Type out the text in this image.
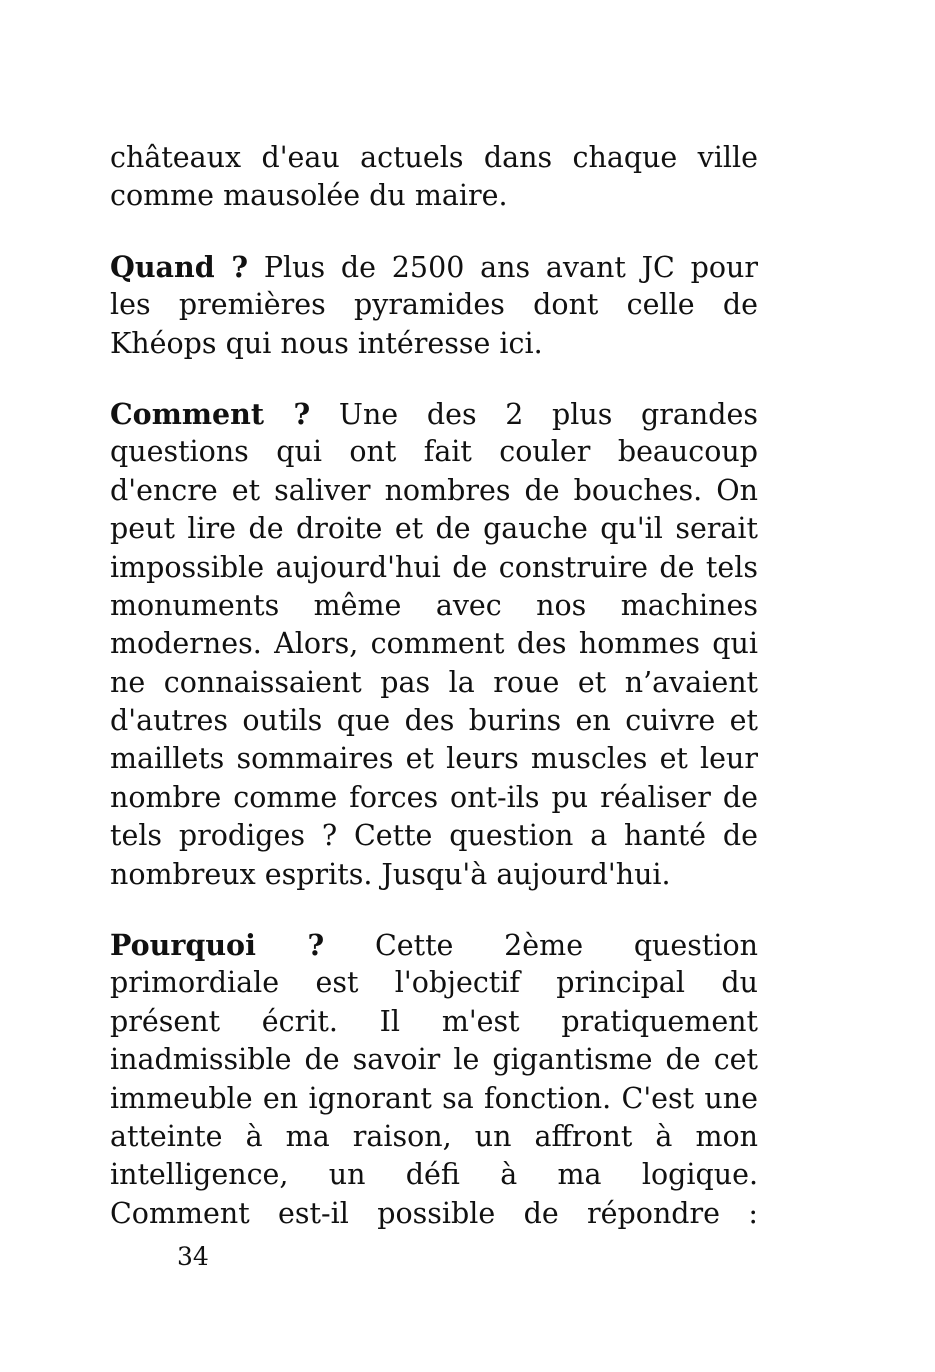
châteaux d'eau actuels dans chaque ville
comme mausolée du maire.
Quand ? Plus de 2500 ans avant JC pour
les premières pyramides dont celle de
Khéops qui nous intéresse ici.
Comment ? Une des 2 plus grandes
questions qui ont fait couler beaucoup
d'encre et saliver nombres de bouches. On
peut lire de droite et de gauche qu'il serait
impossible aujourd'hui de construire de tels
monuments même avec nos machines
modernes. Alors, comment des hommes qui
ne connaissaient pas la roue et n’avaient
d'autres outils que des burins en cuivre et
maillets sommaires et leurs muscles et leur
nombre comme forces ont-ils pu réaliser de
tels prodiges ? Cette question a hanté de
nombreux esprits. Jusqu'à aujourd'hui.
Pourquoi ? Cette 2ème question
primordiale est l'objectif principal du
présent écrit. Il m'est pratiquement
inadmissible de savoir le gigantisme de cet
immeuble en ignorant sa fonction. C'est une
atteinte à ma raison, un affront à mon
intelligence, un défi à ma logique.
Comment est-il possible de répondre :
34
